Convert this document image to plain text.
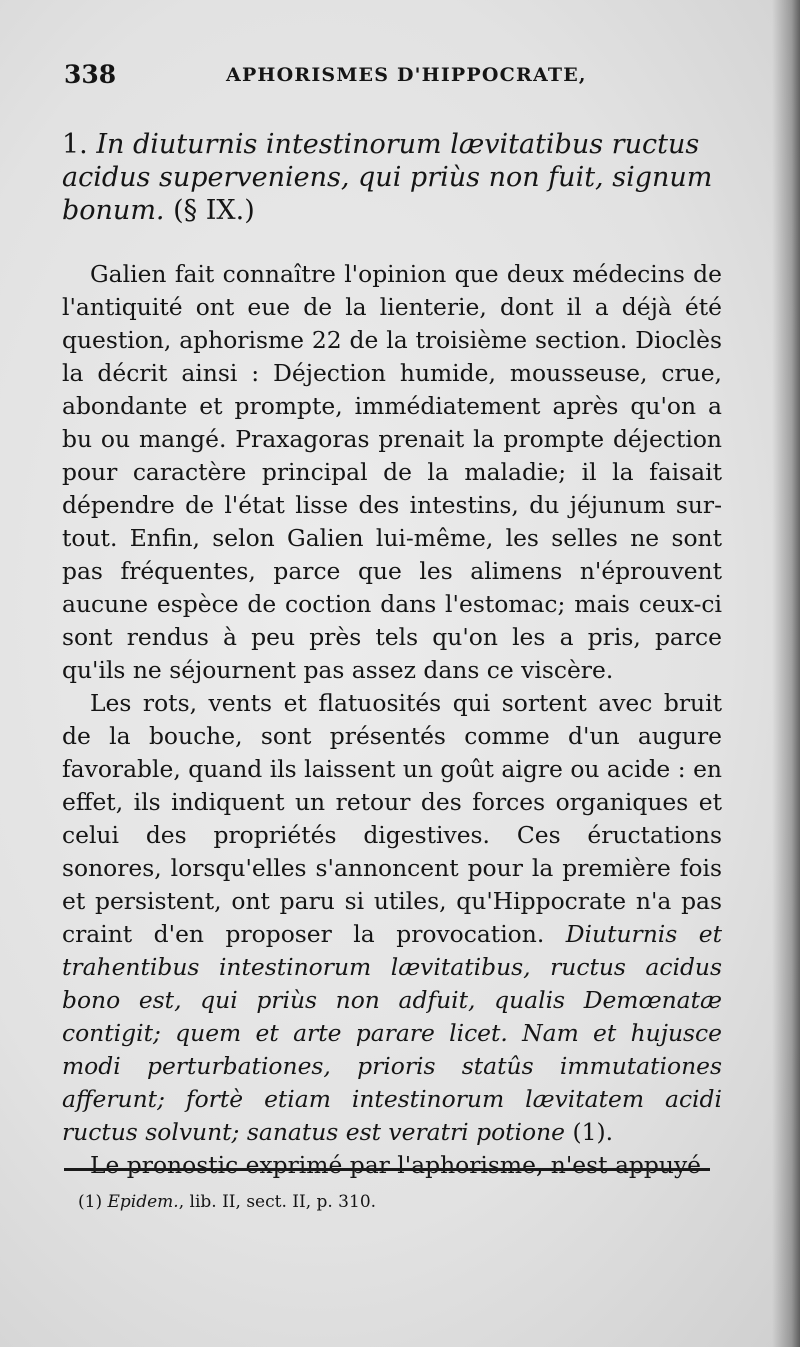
338	APHORISMES D'HIPPOCRATE,
1. In diuturnis intestinorum lævitatibus ructus acidus superveniens, qui priùs non fuit, signum bonum. (§ IX.)

Galien fait connaître l'opinion que deux médecins de l'antiquité ont eue de la lienterie, dont il a déjà été question, aphorisme 22 de la troisième section. Dioclès la décrit ainsi : Déjection humide, mousseuse, crue, abondante et prompte, immédiatement après qu'on a bu ou mangé. Praxagoras prenait la prompte déjection pour caractère principal de la maladie; il la faisait dépendre de l'état lisse des intestins, du jéjunum sur-tout. Enfin, selon Galien lui-même, les selles ne sont pas fréquentes, parce que les alimens n'éprouvent aucune espèce de coction dans l'estomac; mais ceux-ci sont rendus à peu près tels qu'on les a pris, parce qu'ils ne séjournent pas assez dans ce viscère.

Les rots, vents et flatuosités qui sortent avec bruit de la bouche, sont présentés comme d'un augure favorable, quand ils laissent un goût aigre ou acide : en effet, ils indiquent un retour des forces organiques et celui des propriétés digestives. Ces éructations sonores, lorsqu'elles s'annoncent pour la première fois et persistent, ont paru si utiles, qu'Hippocrate n'a pas craint d'en proposer la provocation. Diuturnis et trahentibus intestinorum lævitatibus, ructus acidus bono est, qui priùs non adfuit, qualis Demœnatæ contigit; quem et arte parare licet. Nam et hujusce modi perturbationes, prioris statûs immutationes afferunt; fortè etiam intestinorum lævitatem acidi ructus solvunt; sanatus est veratri potione (1).

Le pronostic exprimé par l'aphorisme, n'est appuyé

(1) Epidem., lib. II, sect. II, p. 310.
